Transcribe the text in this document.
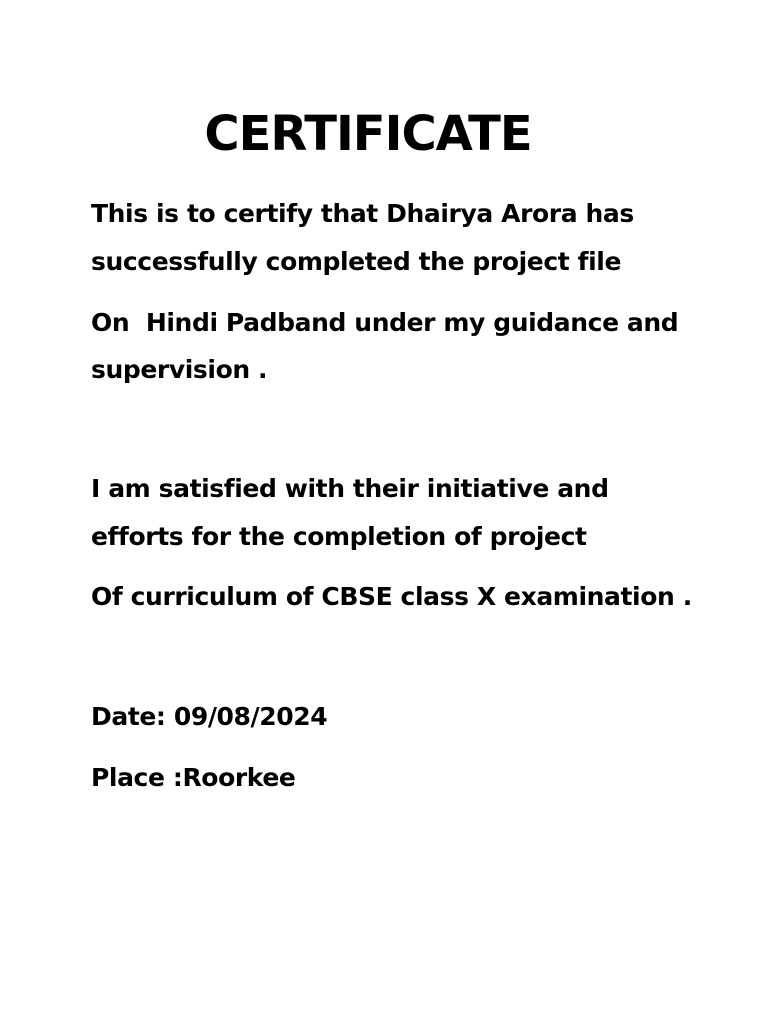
CERTIFICATE
This is to certify that Dhairya Arora has
successfully completed the project file
On  Hindi Padband under my guidance and
supervision .
I am satisfied with their initiative and
efforts for the completion of project
Of curriculum of CBSE class X examination .
Date: 09/08/2024
Place :Roorkee
